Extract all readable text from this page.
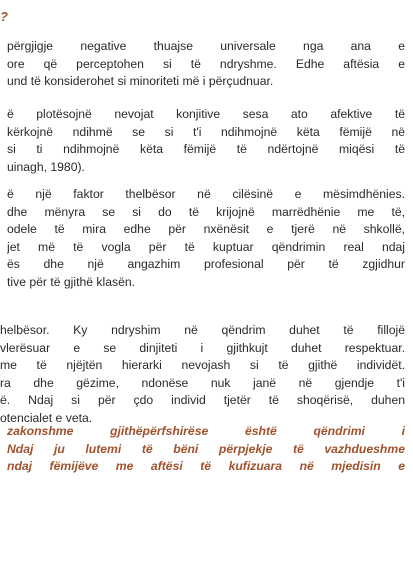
?
përgjigje negative thuajse universale nga ana e
ore që perceptohen si të ndryshme. Edhe aftësia e
und të konsiderohet si minoriteti më i përçudnuar.
ë plotësojnë nevojat konjitive sesa ato afektive të
kërkojnë ndihmë se si t'i ndihmojnë këta fëmijë në
si ti ndihmojnë këta fëmijë të ndërtojnë miqësi të
uinagh, 1980).
ë një faktor thelbësor në cilësinë e mësimdhënies.
dhe mënyra se si do të krijojnë marrëdhënie me të,
odele të mira edhe për nxënësit e tjerë në shkollë,
jet më të vogla për të kuptuar qëndrimin real ndaj
ës dhe një angazhim profesional për të zgjidhur
tive për të gjithë klasën.
helbësor. Ky ndryshim në qëndrim duhet të fillojë
vlerësuar e se dinjiteti i gjithkujt duhet respektuar.
me të njëjtën hierarki nevojash si të gjithë individët.
ra dhe gëzime, ndonëse nuk janë në gjendje t'i
ë. Ndaj si për çdo individ tjetër të shoqërisë, duhen
otencialet e veta.
zakonshme gjithëpërfshirëse është qëndrimi i
Ndaj ju lutemi të bëni përpjekje të vazhdueshme
ndaj fëmijëve me aftësi të kufizuara në mjedisin e
